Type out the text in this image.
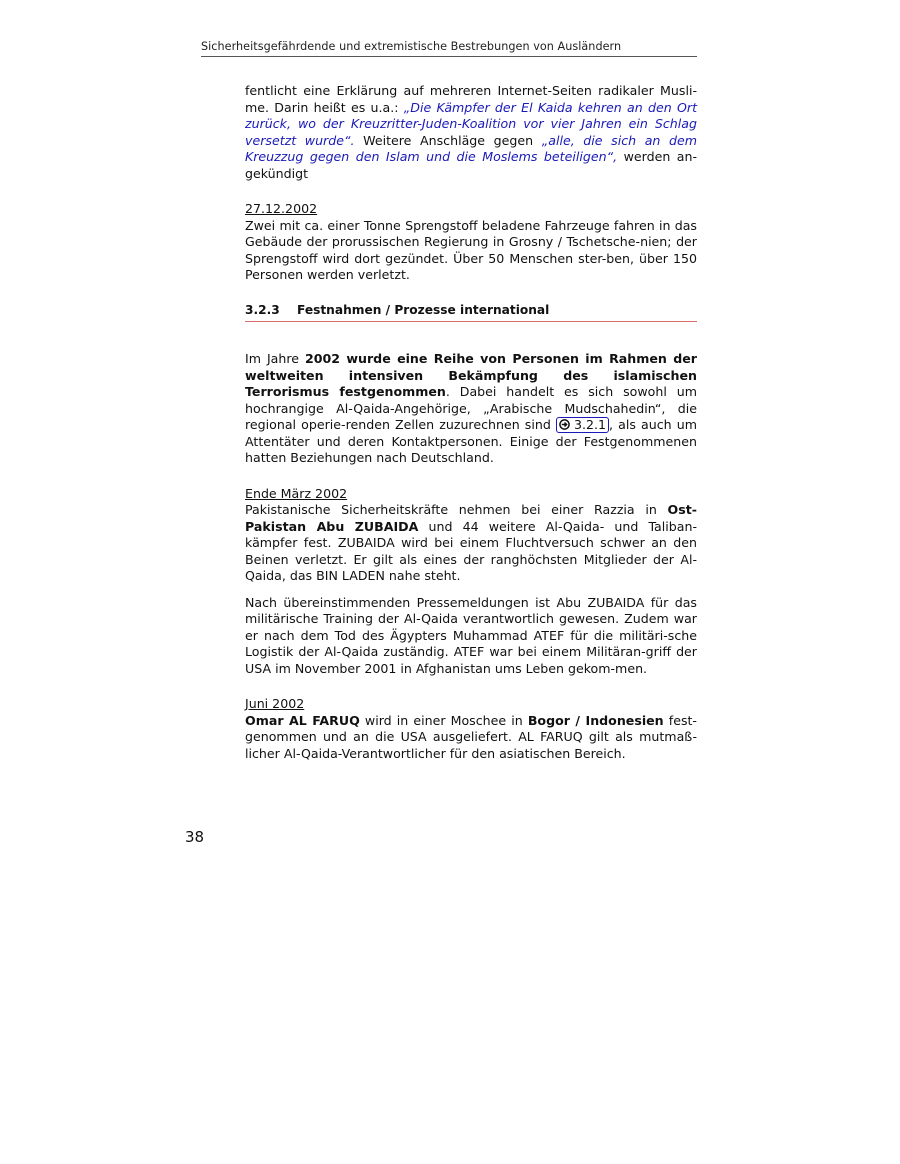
Sicherheitsgefährdende und extremistische Bestrebungen von Ausländern

fentlicht eine Erklärung auf mehreren Internet-Seiten radikaler Musli-me. Darin heißt es u.a.: „Die Kämpfer der El Kaida kehren an den Ort zurück, wo der Kreuzritter-Juden-Koalition vor vier Jahren ein Schlag versetzt wurde“. Weitere Anschläge gegen „alle, die sich an dem Kreuzzug gegen den Islam und die Moslems beteiligen“, werden an-gekündigt

27.12.2002

Zwei mit ca. einer Tonne Sprengstoff beladene Fahrzeuge fahren in das Gebäude der prorussischen Regierung in Grosny / Tschetsche-nien; der Sprengstoff wird dort gezündet. Über 50 Menschen ster-ben, über 150 Personen werden verletzt.

3.2.3 Festnahmen / Prozesse international

Im Jahre 2002 wurde eine Reihe von Personen im Rahmen der weltweiten intensiven Bekämpfung des islamischen Terrorismus festgenommen. Dabei handelt es sich sowohl um hochrangige Al-Qaida-Angehörige, „Arabische Mudschahedin“, die regional operie-renden Zellen zuzurechnen sind  3.2.1 , als auch um Attentäter und deren Kontaktpersonen. Einige der Festgenommenen hatten Beziehungen nach Deutschland.

Ende März 2002

Pakistanische Sicherheitskräfte nehmen bei einer Razzia in Ost-Pakistan Abu ZUBAIDA und 44 weitere Al-Qaida- und Taliban-kämpfer fest. ZUBAIDA wird bei einem Fluchtversuch schwer an den Beinen verletzt. Er gilt als eines der ranghöchsten Mitglieder der Al-Qaida, das BIN LADEN nahe steht.

Nach übereinstimmenden Pressemeldungen ist Abu ZUBAIDA für das militärische Training der Al-Qaida verantwortlich gewesen. Zudem war er nach dem Tod des Ägypters Muhammad ATEF für die militäri-sche Logistik der Al-Qaida zuständig. ATEF war bei einem Militäran-griff der USA im November 2001 in Afghanistan ums Leben gekom-men.

Juni 2002

Omar AL FARUQ wird in einer Moschee in Bogor / Indonesien fest-genommen und an die USA ausgeliefert. AL FARUQ gilt als mutmaß-licher Al-Qaida-Verantwortlicher für den asiatischen Bereich.

38
